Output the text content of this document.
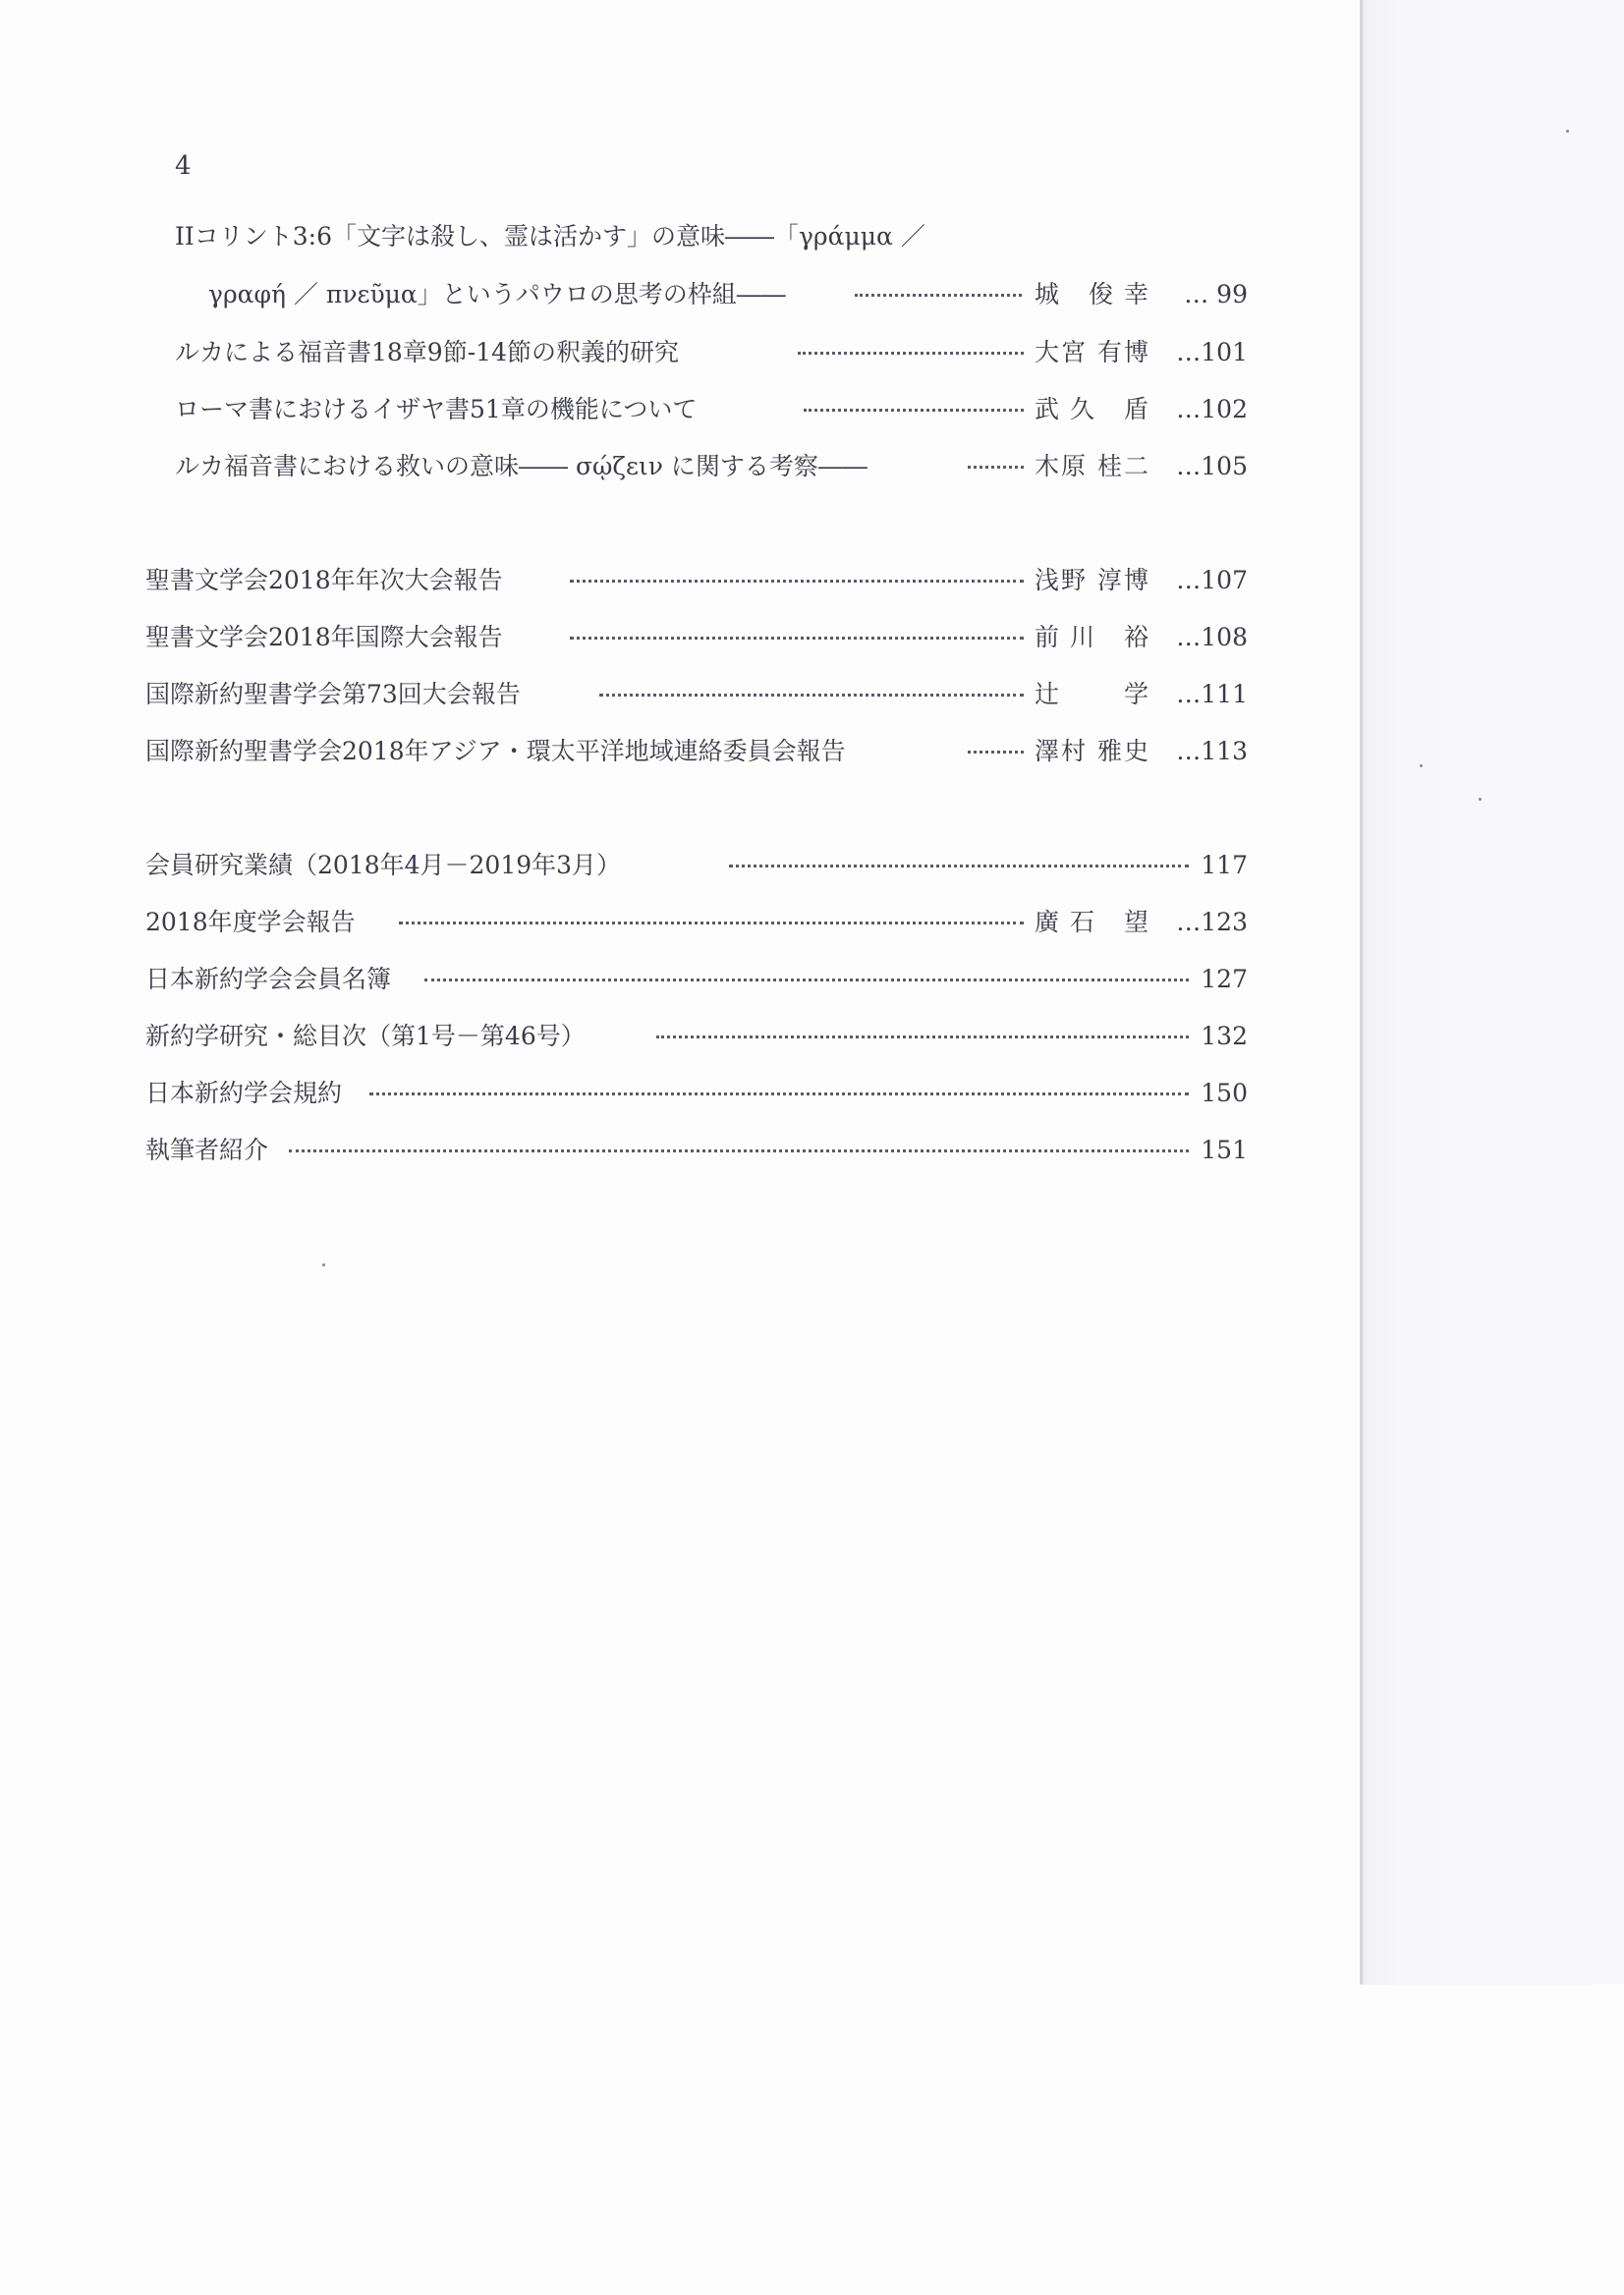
4
IIコリント3:6「文字は殺し、霊は活かす」の意味――「γράμμα ／
γραφή ／ πνεῦμα」というパウロの思考の枠組――	城 俊幸 … 99
ルカによる福音書18章9節-14節の釈義的研究	大宮 有博 …101
ローマ書におけるイザヤ書51章の機能について	武久 盾 …102
ルカ福音書における救いの意味―― σῴζειν に関する考察――	木原 桂二 …105
聖書文学会2018年年次大会報告	浅野 淳博 …107
聖書文学会2018年国際大会報告	前川 裕 …108
国際新約聖書学会第73回大会報告	辻 学 …111
国際新約聖書学会2018年アジア・環太平洋地域連絡委員会報告	澤村 雅史 …113
会員研究業績（2018年4月－2019年3月）	117
2018年度学会報告	廣石 望 …123
日本新約学会会員名簿	127
新約学研究・総目次（第1号－第46号）	132
日本新約学会規約	150
執筆者紹介	151
